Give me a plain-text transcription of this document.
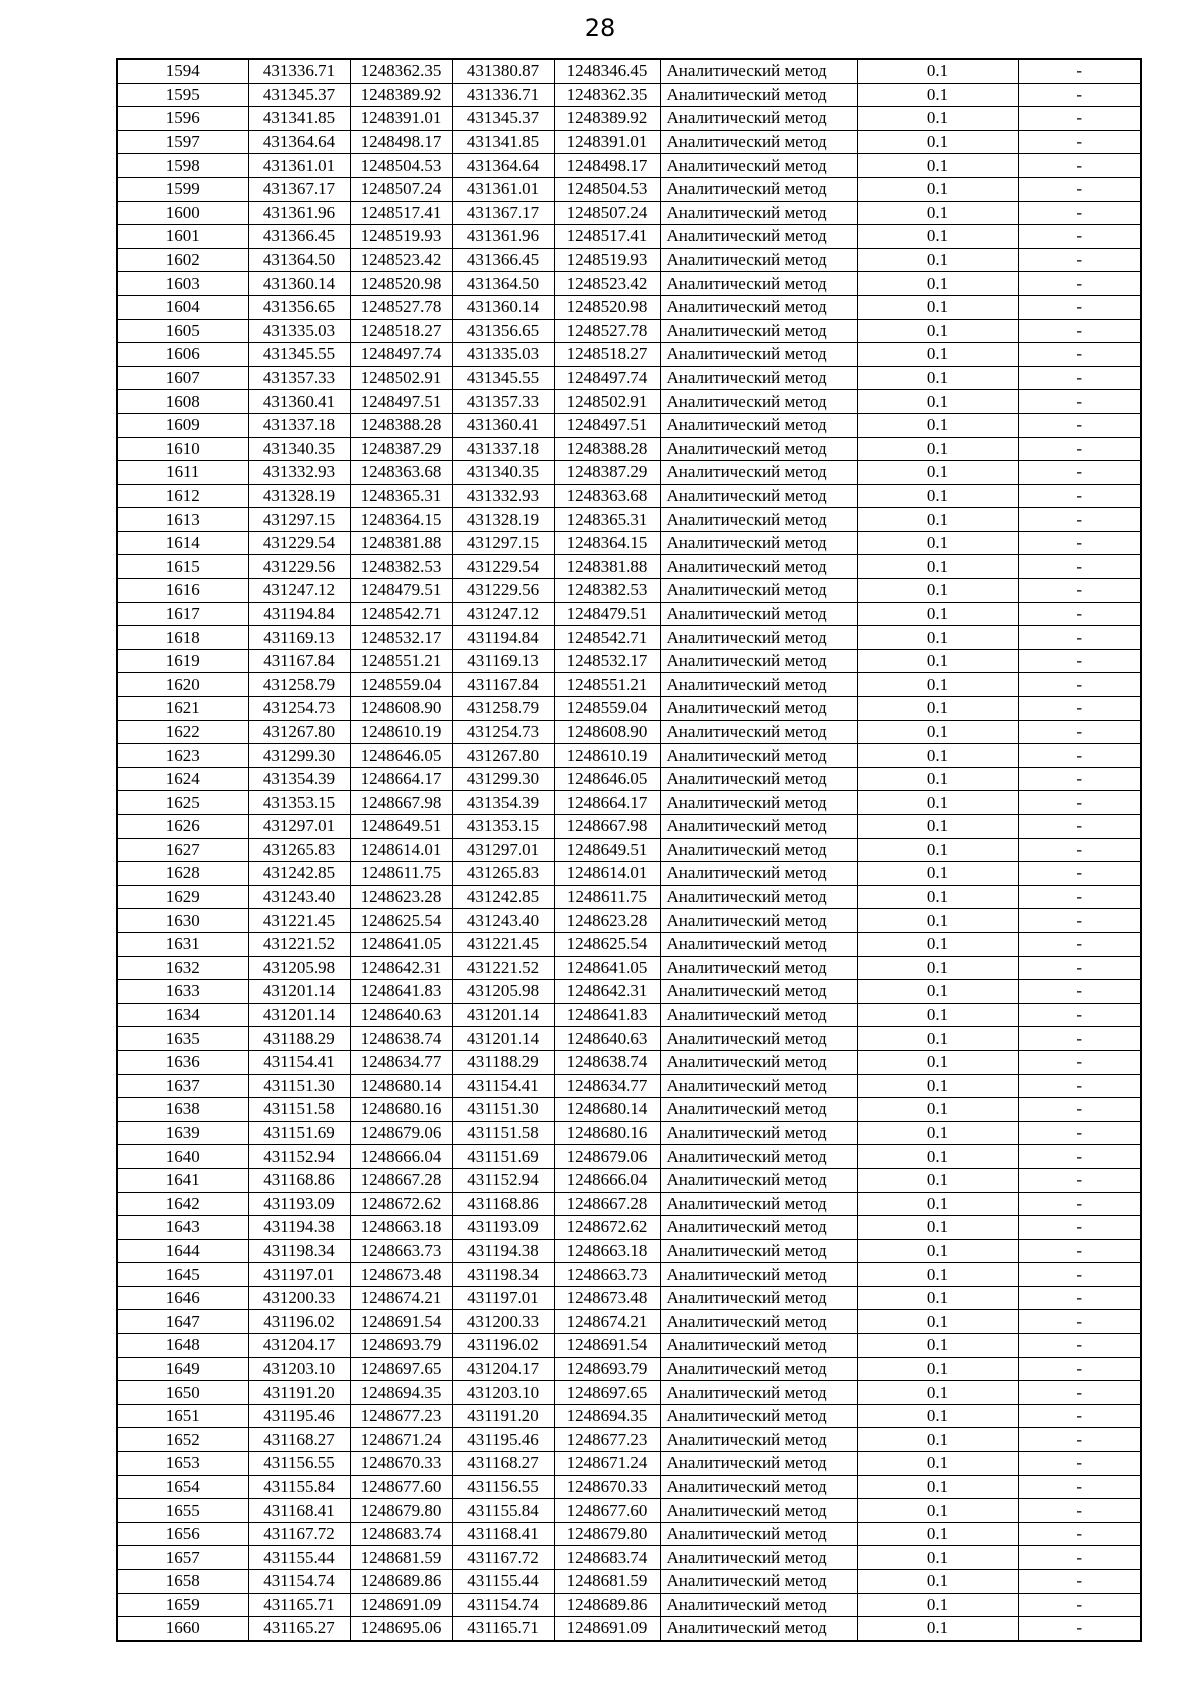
28
1594	431336.71	1248362.35	431380.87	1248346.45	Аналитический метод	0.1	-
1595	431345.37	1248389.92	431336.71	1248362.35	Аналитический метод	0.1	-
1596	431341.85	1248391.01	431345.37	1248389.92	Аналитический метод	0.1	-
1597	431364.64	1248498.17	431341.85	1248391.01	Аналитический метод	0.1	-
1598	431361.01	1248504.53	431364.64	1248498.17	Аналитический метод	0.1	-
1599	431367.17	1248507.24	431361.01	1248504.53	Аналитический метод	0.1	-
1600	431361.96	1248517.41	431367.17	1248507.24	Аналитический метод	0.1	-
1601	431366.45	1248519.93	431361.96	1248517.41	Аналитический метод	0.1	-
1602	431364.50	1248523.42	431366.45	1248519.93	Аналитический метод	0.1	-
1603	431360.14	1248520.98	431364.50	1248523.42	Аналитический метод	0.1	-
1604	431356.65	1248527.78	431360.14	1248520.98	Аналитический метод	0.1	-
1605	431335.03	1248518.27	431356.65	1248527.78	Аналитический метод	0.1	-
1606	431345.55	1248497.74	431335.03	1248518.27	Аналитический метод	0.1	-
1607	431357.33	1248502.91	431345.55	1248497.74	Аналитический метод	0.1	-
1608	431360.41	1248497.51	431357.33	1248502.91	Аналитический метод	0.1	-
1609	431337.18	1248388.28	431360.41	1248497.51	Аналитический метод	0.1	-
1610	431340.35	1248387.29	431337.18	1248388.28	Аналитический метод	0.1	-
1611	431332.93	1248363.68	431340.35	1248387.29	Аналитический метод	0.1	-
1612	431328.19	1248365.31	431332.93	1248363.68	Аналитический метод	0.1	-
1613	431297.15	1248364.15	431328.19	1248365.31	Аналитический метод	0.1	-
1614	431229.54	1248381.88	431297.15	1248364.15	Аналитический метод	0.1	-
1615	431229.56	1248382.53	431229.54	1248381.88	Аналитический метод	0.1	-
1616	431247.12	1248479.51	431229.56	1248382.53	Аналитический метод	0.1	-
1617	431194.84	1248542.71	431247.12	1248479.51	Аналитический метод	0.1	-
1618	431169.13	1248532.17	431194.84	1248542.71	Аналитический метод	0.1	-
1619	431167.84	1248551.21	431169.13	1248532.17	Аналитический метод	0.1	-
1620	431258.79	1248559.04	431167.84	1248551.21	Аналитический метод	0.1	-
1621	431254.73	1248608.90	431258.79	1248559.04	Аналитический метод	0.1	-
1622	431267.80	1248610.19	431254.73	1248608.90	Аналитический метод	0.1	-
1623	431299.30	1248646.05	431267.80	1248610.19	Аналитический метод	0.1	-
1624	431354.39	1248664.17	431299.30	1248646.05	Аналитический метод	0.1	-
1625	431353.15	1248667.98	431354.39	1248664.17	Аналитический метод	0.1	-
1626	431297.01	1248649.51	431353.15	1248667.98	Аналитический метод	0.1	-
1627	431265.83	1248614.01	431297.01	1248649.51	Аналитический метод	0.1	-
1628	431242.85	1248611.75	431265.83	1248614.01	Аналитический метод	0.1	-
1629	431243.40	1248623.28	431242.85	1248611.75	Аналитический метод	0.1	-
1630	431221.45	1248625.54	431243.40	1248623.28	Аналитический метод	0.1	-
1631	431221.52	1248641.05	431221.45	1248625.54	Аналитический метод	0.1	-
1632	431205.98	1248642.31	431221.52	1248641.05	Аналитический метод	0.1	-
1633	431201.14	1248641.83	431205.98	1248642.31	Аналитический метод	0.1	-
1634	431201.14	1248640.63	431201.14	1248641.83	Аналитический метод	0.1	-
1635	431188.29	1248638.74	431201.14	1248640.63	Аналитический метод	0.1	-
1636	431154.41	1248634.77	431188.29	1248638.74	Аналитический метод	0.1	-
1637	431151.30	1248680.14	431154.41	1248634.77	Аналитический метод	0.1	-
1638	431151.58	1248680.16	431151.30	1248680.14	Аналитический метод	0.1	-
1639	431151.69	1248679.06	431151.58	1248680.16	Аналитический метод	0.1	-
1640	431152.94	1248666.04	431151.69	1248679.06	Аналитический метод	0.1	-
1641	431168.86	1248667.28	431152.94	1248666.04	Аналитический метод	0.1	-
1642	431193.09	1248672.62	431168.86	1248667.28	Аналитический метод	0.1	-
1643	431194.38	1248663.18	431193.09	1248672.62	Аналитический метод	0.1	-
1644	431198.34	1248663.73	431194.38	1248663.18	Аналитический метод	0.1	-
1645	431197.01	1248673.48	431198.34	1248663.73	Аналитический метод	0.1	-
1646	431200.33	1248674.21	431197.01	1248673.48	Аналитический метод	0.1	-
1647	431196.02	1248691.54	431200.33	1248674.21	Аналитический метод	0.1	-
1648	431204.17	1248693.79	431196.02	1248691.54	Аналитический метод	0.1	-
1649	431203.10	1248697.65	431204.17	1248693.79	Аналитический метод	0.1	-
1650	431191.20	1248694.35	431203.10	1248697.65	Аналитический метод	0.1	-
1651	431195.46	1248677.23	431191.20	1248694.35	Аналитический метод	0.1	-
1652	431168.27	1248671.24	431195.46	1248677.23	Аналитический метод	0.1	-
1653	431156.55	1248670.33	431168.27	1248671.24	Аналитический метод	0.1	-
1654	431155.84	1248677.60	431156.55	1248670.33	Аналитический метод	0.1	-
1655	431168.41	1248679.80	431155.84	1248677.60	Аналитический метод	0.1	-
1656	431167.72	1248683.74	431168.41	1248679.80	Аналитический метод	0.1	-
1657	431155.44	1248681.59	431167.72	1248683.74	Аналитический метод	0.1	-
1658	431154.74	1248689.86	431155.44	1248681.59	Аналитический метод	0.1	-
1659	431165.71	1248691.09	431154.74	1248689.86	Аналитический метод	0.1	-
1660	431165.27	1248695.06	431165.71	1248691.09	Аналитический метод	0.1	-
